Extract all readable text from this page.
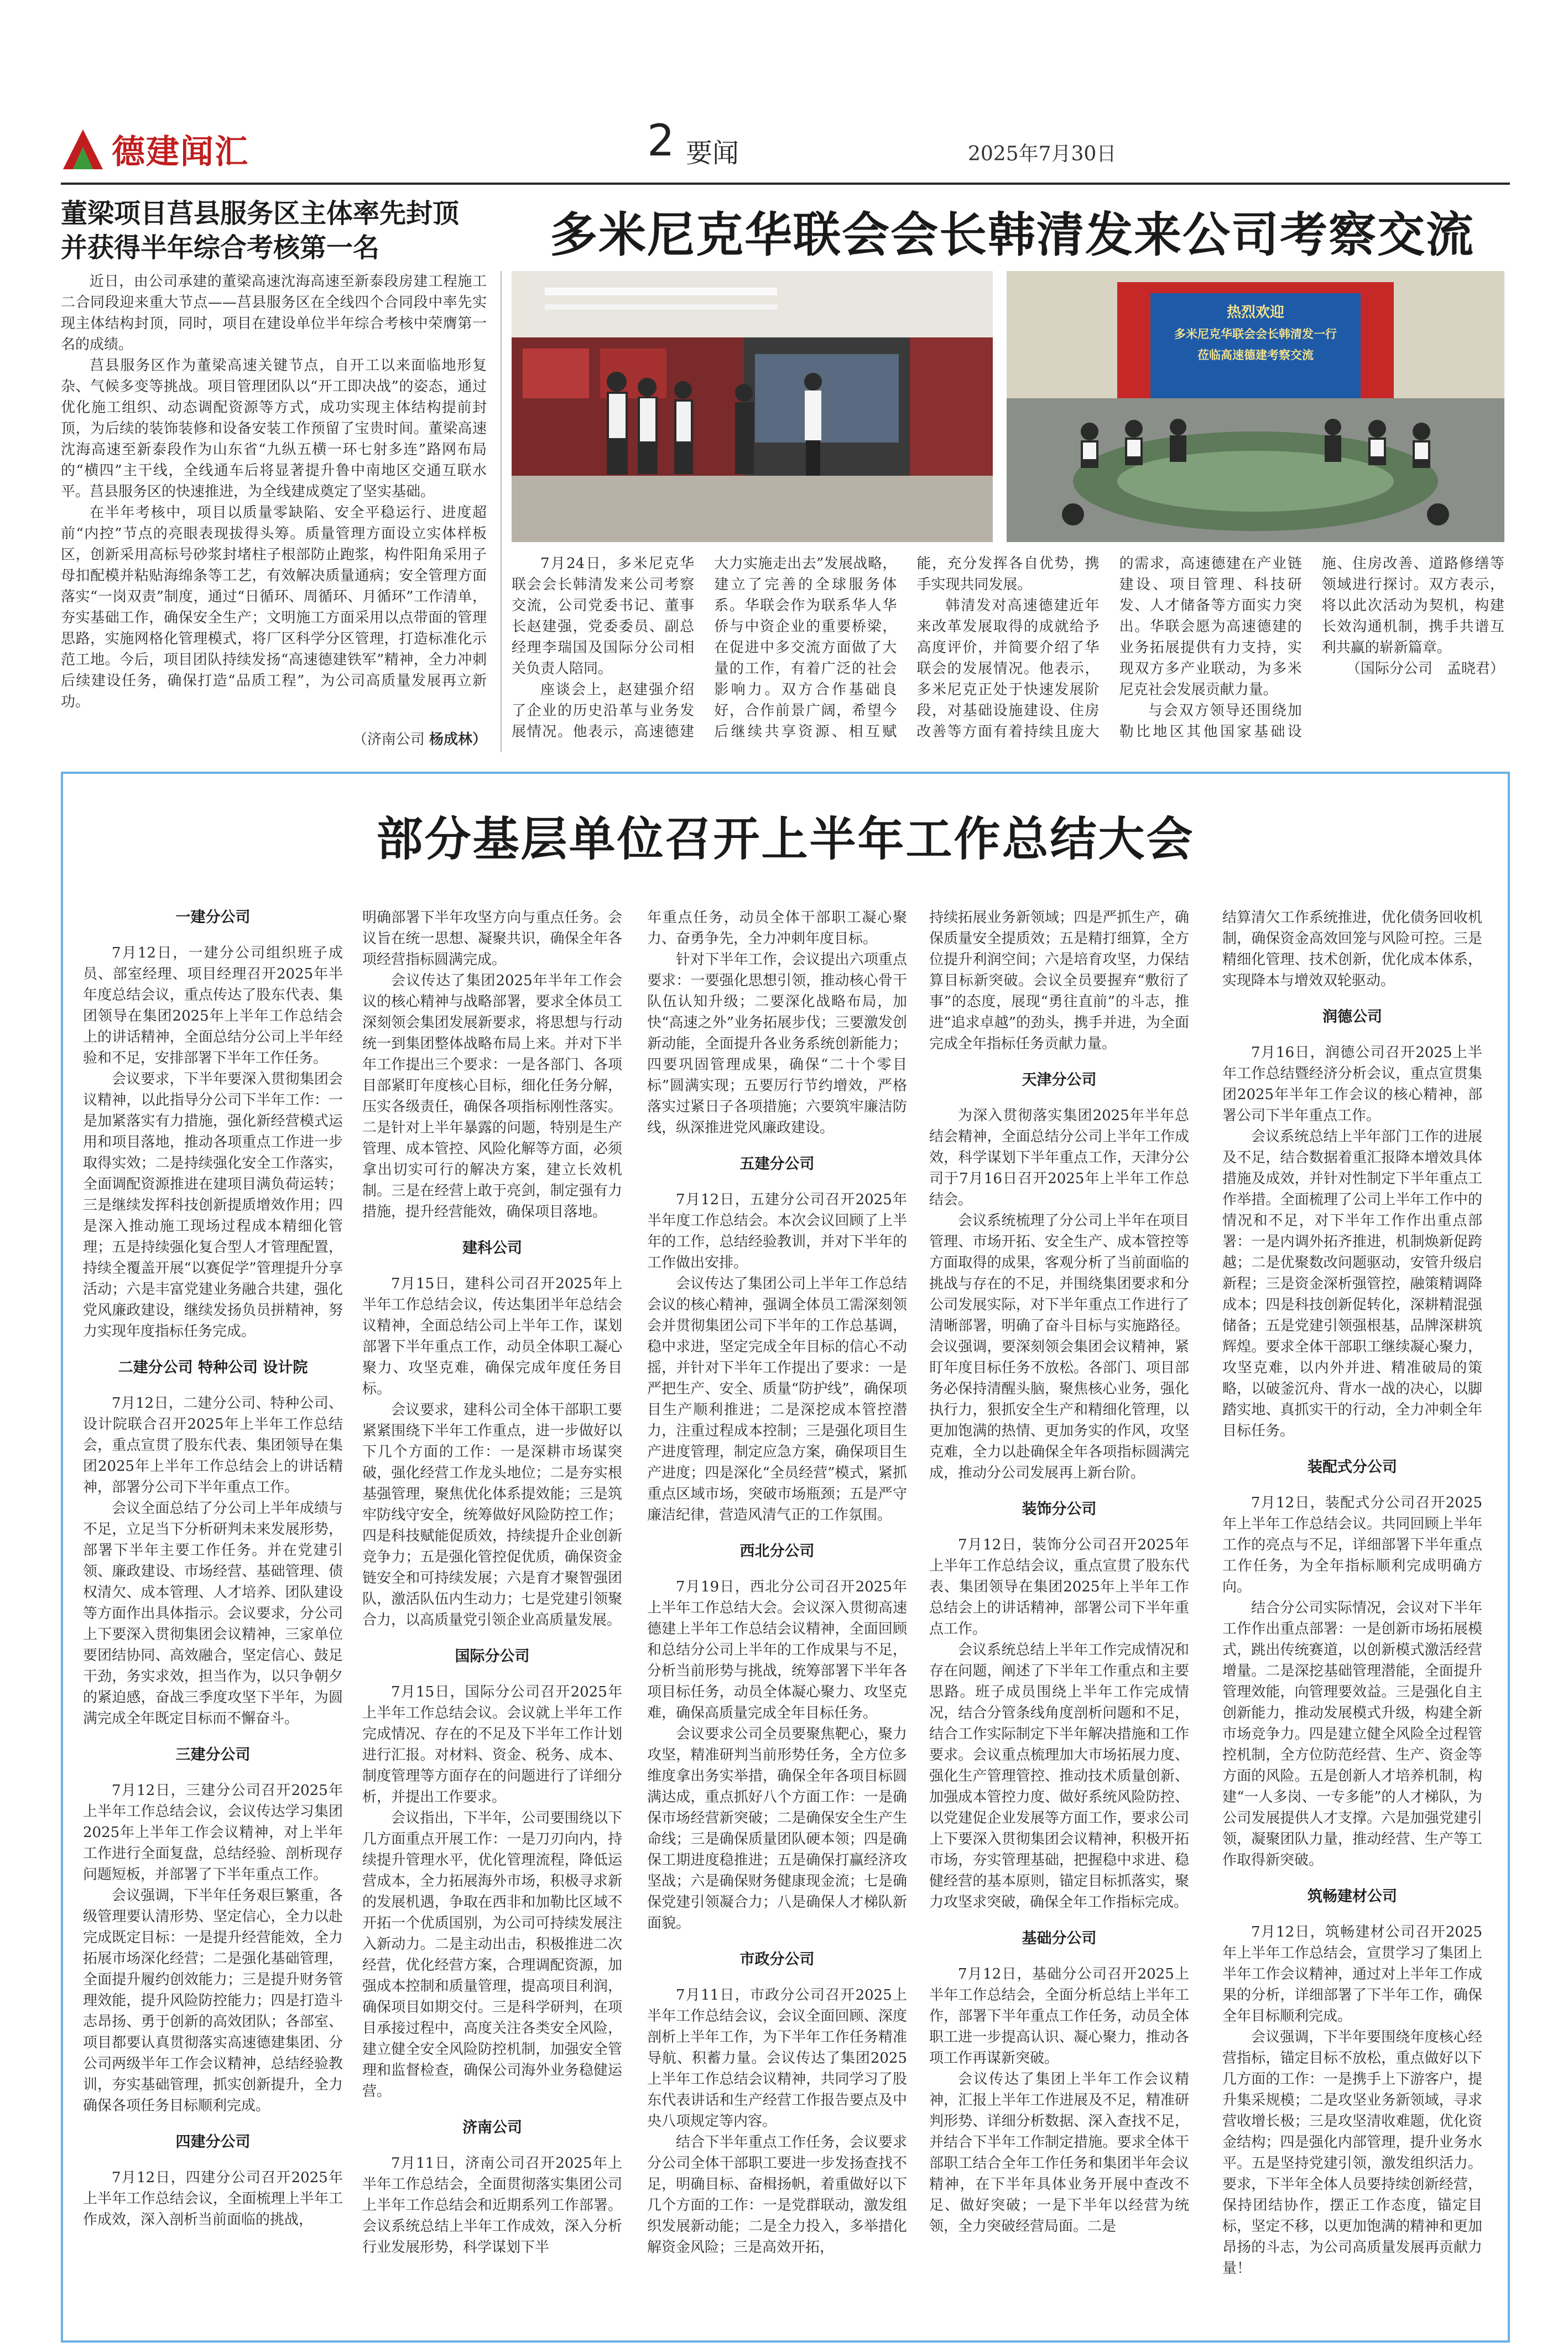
德建闻汇	2 要闻	2025年7月30日
董梁项目莒县服务区主体率先封顶
并获得半年综合考核第一名

近日，由公司承建的董梁高速沈海高速至新泰段房建工程施工二合同段迎来重大节点——莒县服务区在全线四个合同段中率先实现主体结构封顶，同时，项目在建设单位半年综合考核中荣膺第一名的成绩。

莒县服务区作为董梁高速关键节点，自开工以来面临地形复杂、气候多变等挑战。项目管理团队以“开工即决战”的姿态，通过优化施工组织、动态调配资源等方式，成功实现主体结构提前封顶，为后续的装饰装修和设备安装工作预留了宝贵时间。董梁高速沈海高速至新泰段作为山东省“九纵五横一环七射多连”路网布局的“横四”主干线，全线通车后将显著提升鲁中南地区交通互联水平。莒县服务区的快速推进，为全线建成奠定了坚实基础。

在半年考核中，项目以质量零缺陷、安全平稳运行、进度超前“内控”节点的亮眼表现拔得头筹。质量管理方面设立实体样板区，创新采用高标号砂浆封堵柱子根部防止跑浆，构件阳角采用子母扣配模并粘贴海绵条等工艺，有效解决质量通病；安全管理方面落实“一岗双责”制度，通过“日循环、周循环、月循环”工作清单，夯实基础工作，确保安全生产；文明施工方面采用以点带面的管理思路，实施网格化管理模式，将厂区科学分区管理，打造标准化示范工地。今后，项目团队持续发扬“高速德建铁军”精神，全力冲刺后续建设任务，确保打造“品质工程”，为公司高质量发展再立新功。

（济南公司 杨成林）
多米尼克华联会会长韩清发来公司考察交流
热烈欢迎
多米尼克华联会会长韩清发一行
莅临高速德建考察交流

7月24日，多米尼克华联会会长韩清发来公司考察交流，公司党委书记、董事长赵建强，党委委员、副总经理李瑞国及国际分公司相关负责人陪同。

座谈会上，赵建强介绍了企业的历史沿革与业务发展情况。他表示，高速德建大力实施走出去”发展战略，建立了完善的全球服务体系。华联会作为联系华人华侨与中资企业的重要桥梁，在促进中多交流方面做了大量的工作，有着广泛的社会影响力。双方合作基础良好，合作前景广阔，希望今后继续共享资源、相互赋能，充分发挥各自优势，携手实现共同发展。

韩清发对高速德建近年来改革发展取得的成就给予高度评价，并简要介绍了华联会的发展情况。他表示，多米尼克正处于快速发展阶段，对基础设施建设、住房改善等方面有着持续且庞大的需求，高速德建在产业链建设、项目管理、科技研发、人才储备等方面实力突出。华联会愿为高速德建的业务拓展提供有力支持，实现双方多产业联动，为多米尼克社会发展贡献力量。

与会双方领导还围绕加勒比地区其他国家基础设施、住房改善、道路修缮等领域进行探讨。双方表示，将以此次活动为契机，构建长效沟通机制，携手共谱互利共赢的崭新篇章。

（国际分公司　孟晓君）
部分基层单位召开上半年工作总结大会
一建分公司

7月12日，一建分公司组织班子成员、部室经理、项目经理召开2025年半年度总结会议，重点传达了股东代表、集团领导在集团2025年上半年工作总结会上的讲话精神，全面总结分公司上半年经验和不足，安排部署下半年工作任务。

会议要求，下半年要深入贯彻集团会议精神，以此指导分公司下半年工作：一是加紧落实有力措施，强化新经营模式运用和项目落地，推动各项重点工作进一步取得实效；二是持续强化安全工作落实，全面调配资源推进在建项目满负荷运转；三是继续发挥科技创新提质增效作用；四是深入推动施工现场过程成本精细化管理；五是持续强化复合型人才管理配置，持续全覆盖开展“以赛促学”管理提升分享活动；六是丰富党建业务融合共建，强化党风廉政建设，继续发扬负员拼精神，努力实现年度指标任务完成。

二建分公司 特种公司 设计院

7月12日，二建分公司、特种公司、设计院联合召开2025年上半年工作总结会，重点宣贯了股东代表、集团领导在集团2025年上半年工作总结会上的讲话精神，部署分公司下半年重点工作。

会议全面总结了分公司上半年成绩与不足，立足当下分析研判未来发展形势，部署下半年主要工作任务。并在党建引领、廉政建设、市场经营、基础管理、债权清欠、成本管理、人才培养、团队建设等方面作出具体指示。会议要求，分公司上下要深入贯彻集团会议精神，三家单位要团结协同、高效融合，坚定信心、鼓足干劲，务实求效，担当作为，以只争朝夕的紧迫感，奋战三季度攻坚下半年，为圆满完成全年既定目标而不懈奋斗。

三建分公司

7月12日，三建分公司召开2025年上半年工作总结会议，会议传达学习集团2025年上半年工作会议精神，对上半年工作进行全面复盘，总结经验、剖析现存问题短板，并部署了下半年重点工作。

会议强调，下半年任务艰巨繁重，各级管理要认清形势、坚定信心，全力以赴完成既定目标：一是提升经营能效，全力拓展市场深化经营；二是强化基础管理，全面提升履约创效能力；三是提升财务管理效能，提升风险防控能力；四是打造斗志昂扬、勇于创新的高效团队；各部室、项目都要认真贯彻落实高速德建集团、分公司两级半年工作会议精神，总结经验教训，夯实基础管理，抓实创新提升，全力确保各项任务目标顺利完成。

四建分公司

7月12日，四建分公司召开2025年上半年工作总结会议，全面梳理上半年工作成效，深入剖析当前面临的挑战，

明确部署下半年攻坚方向与重点任务。会议旨在统一思想、凝聚共识，确保全年各项经营指标圆满完成。

会议传达了集团2025年半年工作会议的核心精神与战略部署，要求全体员工深刻领会集团发展新要求，将思想与行动统一到集团整体战略布局上来。并对下半年工作提出三个要求：一是各部门、各项目部紧盯年度核心目标，细化任务分解，压实各级责任，确保各项指标刚性落实。二是针对上半年暴露的问题，特别是生产管理、成本管控、风险化解等方面，必须拿出切实可行的解决方案，建立长效机制。三是在经营上敢于亮剑，制定强有力措施，提升经营能效，确保项目落地。

建科公司

7月15日，建科公司召开2025年上半年工作总结会议，传达集团半年总结会议精神，全面总结公司上半年工作，谋划部署下半年重点工作，动员全体职工凝心聚力、攻坚克难，确保完成年度任务目标。

会议要求，建科公司全体干部职工要紧紧围绕下半年工作重点，进一步做好以下几个方面的工作：一是深耕市场谋突破，强化经营工作龙头地位；二是夯实根基强管理，聚焦优化体系提效能；三是筑牢防线守安全，统筹做好风险防控工作；四是科技赋能促质效，持续提升企业创新竞争力；五是强化管控促优质，确保资金链安全和可持续发展；六是育才聚智强团队，激活队伍内生动力；七是党建引领聚合力，以高质量党引领企业高质量发展。

国际分公司

7月15日，国际分公司召开2025年上半年工作总结会议。会议就上半年工作完成情况、存在的不足及下半年工作计划进行汇报。对材料、资金、税务、成本、制度管理等方面存在的问题进行了详细分析，并提出工作要求。

会议指出，下半年，公司要围绕以下几方面重点开展工作：一是刀刃向内，持续提升管理水平，优化管理流程，降低运营成本，全力拓展海外市场，积极寻求新的发展机遇，争取在西非和加勒比区域不开拓一个优质国别，为公司可持续发展注入新动力。二是主动出击，积极推进二次经营，优化经营方案，合理调配资源，加强成本控制和质量管理，提高项目利润，确保项目如期交付。三是科学研判，在项目承接过程中，高度关注各类安全风险，建立健全安全风险防控机制，加强安全管理和监督检查，确保公司海外业务稳健运营。

济南公司

7月11日，济南公司召开2025年上半年工作总结会，全面贯彻落实集团公司上半年工作总结会和近期系列工作部署。会议系统总结上半年工作成效，深入分析行业发展形势，科学谋划下半

年重点任务，动员全体干部职工凝心聚力、奋勇争先，全力冲刺年度目标。

针对下半年工作，会议提出六项重点要求：一要强化思想引领，推动核心骨干队伍认知升级；二要深化战略布局，加快“高速之外”业务拓展步伐；三要激发创新动能，全面提升各业务系统创新能力；四要巩固管理成果，确保“二十个零目标”圆满实现；五要厉行节约增效，严格落实过紧日子各项措施；六要筑牢廉洁防线，纵深推进党风廉政建设。

五建分公司

7月12日，五建分公司召开2025年半年度工作总结会。本次会议回顾了上半年的工作，总结经验教训，并对下半年的工作做出安排。

会议传达了集团公司上半年工作总结会议的核心精神，强调全体员工需深刻领会并贯彻集团公司下半年的工作总基调，稳中求进，坚定完成全年目标的信心不动摇，并针对下半年工作提出了要求：一是严把生产、安全、质量“防护线”，确保项目生产顺利推进；二是深挖成本管控潜力，注重过程成本控制；三是强化项目生产进度管理，制定应急方案，确保项目生产进度；四是深化“全员经营”模式，紧抓重点区域市场，突破市场瓶颈；五是严守廉洁纪律，营造风清气正的工作氛围。

西北分公司

7月19日，西北分公司召开2025年上半年工作总结大会。会议深入贯彻高速德建上半年工作总结会议精神，全面回顾和总结分公司上半年的工作成果与不足，分析当前形势与挑战，统筹部署下半年各项目标任务，动员全体凝心聚力、攻坚克难，确保高质量完成全年目标任务。

会议要求公司全员要聚焦靶心，聚力攻坚，精准研判当前形势任务，全方位多维度拿出务实举措，确保全年各项目标圆满达成，重点抓好八个方面工作：一是确保市场经营新突破；二是确保安全生产生命线；三是确保质量团队硬本领；四是确保工期进度稳推进；五是确保打赢经济攻坚战；六是确保财务健康现金流；七是确保党建引领凝合力；八是确保人才梯队新面貌。

市政分公司

7月11日，市政分公司召开2025上半年工作总结会议，会议全面回顾、深度剖析上半年工作，为下半年工作任务精准导航、积蓄力量。会议传达了集团2025上半年工作总结会议精神，共同学习了股东代表讲话和生产经营工作报告要点及中央八项规定等内容。

结合下半年重点工作任务，会议要求分公司全体干部职工要进一步发扬查找不足，明确目标、奋楫扬帆，着重做好以下几个方面的工作：一是党群联动，激发组织发展新动能；二是全力投入，多举措化解资金风险；三是高效开拓，

持续拓展业务新领域；四是严抓生产，确保质量安全提质效；五是精打细算，全方位提升利润空间；六是培育攻坚，力保结算目标新突破。会议全员要握弃“敷衍了事”的态度，展现“勇往直前”的斗志，推进“追求卓越”的劲头，携手并进，为全面完成全年指标任务贡献力量。

天津分公司

为深入贯彻落实集团2025年半年总结会精神，全面总结分公司上半年工作成效，科学谋划下半年重点工作，天津分公司于7月16日召开2025年上半年工作总结会。

会议系统梳理了分公司上半年在项目管理、市场开拓、安全生产、成本管控等方面取得的成果，客观分析了当前面临的挑战与存在的不足，并围绕集团要求和分公司发展实际，对下半年重点工作进行了清晰部署，明确了奋斗目标与实施路径。会议强调，要深刻领会集团会议精神，紧盯年度目标任务不放松。各部门、项目部务必保持清醒头脑，聚焦核心业务，强化执行力，狠抓安全生产和精细化管理，以更加饱满的热情、更加务实的作风，攻坚克难，全力以赴确保全年各项指标圆满完成，推动分公司发展再上新台阶。

装饰分公司

7月12日，装饰分公司召开2025年上半年工作总结会议，重点宣贯了股东代表、集团领导在集团2025年上半年工作总结会上的讲话精神，部署公司下半年重点工作。

会议系统总结上半年工作完成情况和存在问题，阐述了下半年工作重点和主要思路。班子成员围绕上半年工作完成情况，结合分管条线角度剖析问题和不足，结合工作实际制定下半年解决措施和工作要求。会议重点梳理加大市场拓展力度、强化生产管理管控、推动技术质量创新、加强成本管控力度、做好系统风险防控、以党建促企业发展等方面工作，要求公司上下要深入贯彻集团会议精神，积极开拓市场，夯实管理基础，把握稳中求进、稳健经营的基本原则，锚定目标抓落实，聚力攻坚求突破，确保全年工作指标完成。

基础分公司

7月12日，基础分公司召开2025上半年工作总结会，全面分析总结上半年工作，部署下半年重点工作任务，动员全体职工进一步提高认识、凝心聚力，推动各项工作再谋新突破。

会议传达了集团上半年工作会议精神，汇报上半年工作进展及不足，精准研判形势、详细分析数据、深入查找不足，并结合下半年工作制定措施。要求全体干部职工结合全年工作任务和集团半年会议精神，在下半年具体业务开展中查改不足、做好突破；一是下半年以经营为统领，全力突破经营局面。二是

结算清欠工作系统推进，优化债务回收机制，确保资金高效回笼与风险可控。三是精细化管理、技术创新，优化成本体系，实现降本与增效双轮驱动。

润德公司

7月16日，润德公司召开2025上半年工作总结暨经济分析会议，重点宣贯集团2025年半年工作会议的核心精神，部署公司下半年重点工作。

会议系统总结上半年部门工作的进展及不足，结合数据着重汇报降本增效具体措施及成效，并针对性制定下半年重点工作举措。全面梳理了公司上半年工作中的情况和不足，对下半年工作作出重点部署：一是内调外拓齐推进，机制焕新促跨越；二是优聚数改问题驱动，安管升级启新程；三是资金深析强管控，融策精调降成本；四是科技创新促转化，深耕精混强储备；五是党建引领强根基，品牌深耕筑辉煌。要求全体干部职工继续凝心聚力，攻坚克难，以内外并进、精准破局的策略，以破釜沉舟、背水一战的决心，以脚踏实地、真抓实干的行动，全力冲刺全年目标任务。

装配式分公司

7月12日，装配式分公司召开2025年上半年工作总结会议。共同回顾上半年工作的亮点与不足，详细部署下半年重点工作任务，为全年指标顺利完成明确方向。

结合分公司实际情况，会议对下半年工作作出重点部署：一是创新市场拓展模式，跳出传统赛道，以创新模式激活经营增量。二是深挖基础管理潜能，全面提升管理效能，向管理要效益。三是强化自主创新能力，推动发展模式升级，构建全新市场竞争力。四是建立健全风险全过程管控机制，全方位防范经营、生产、资金等方面的风险。五是创新人才培养机制，构建“一人多岗、一专多能”的人才梯队，为公司发展提供人才支撑。六是加强党建引领，凝聚团队力量，推动经营、生产等工作取得新突破。

筑畅建材公司

7月12日，筑畅建材公司召开2025年上半年工作总结会，宣贯学习了集团上半年工作会议精神，通过对上半年工作成果的分析，详细部署了下半年工作，确保全年目标顺利完成。

会议强调，下半年要围绕年度核心经营指标，锚定目标不放松，重点做好以下几方面的工作：一是携手上下游客户，提升集采规模；二是攻坚业务新领域，寻求营收增长极；三是攻坚清收难题，优化资金结构；四是强化内部管理，提升业务水平。五是坚持党建引领，激发组织活力。要求，下半年全体人员要持续创新经营，保持团结协作，摆正工作态度，锚定目标，坚定不移，以更加饱满的精神和更加昂扬的斗志，为公司高质量发展再贡献力量！
